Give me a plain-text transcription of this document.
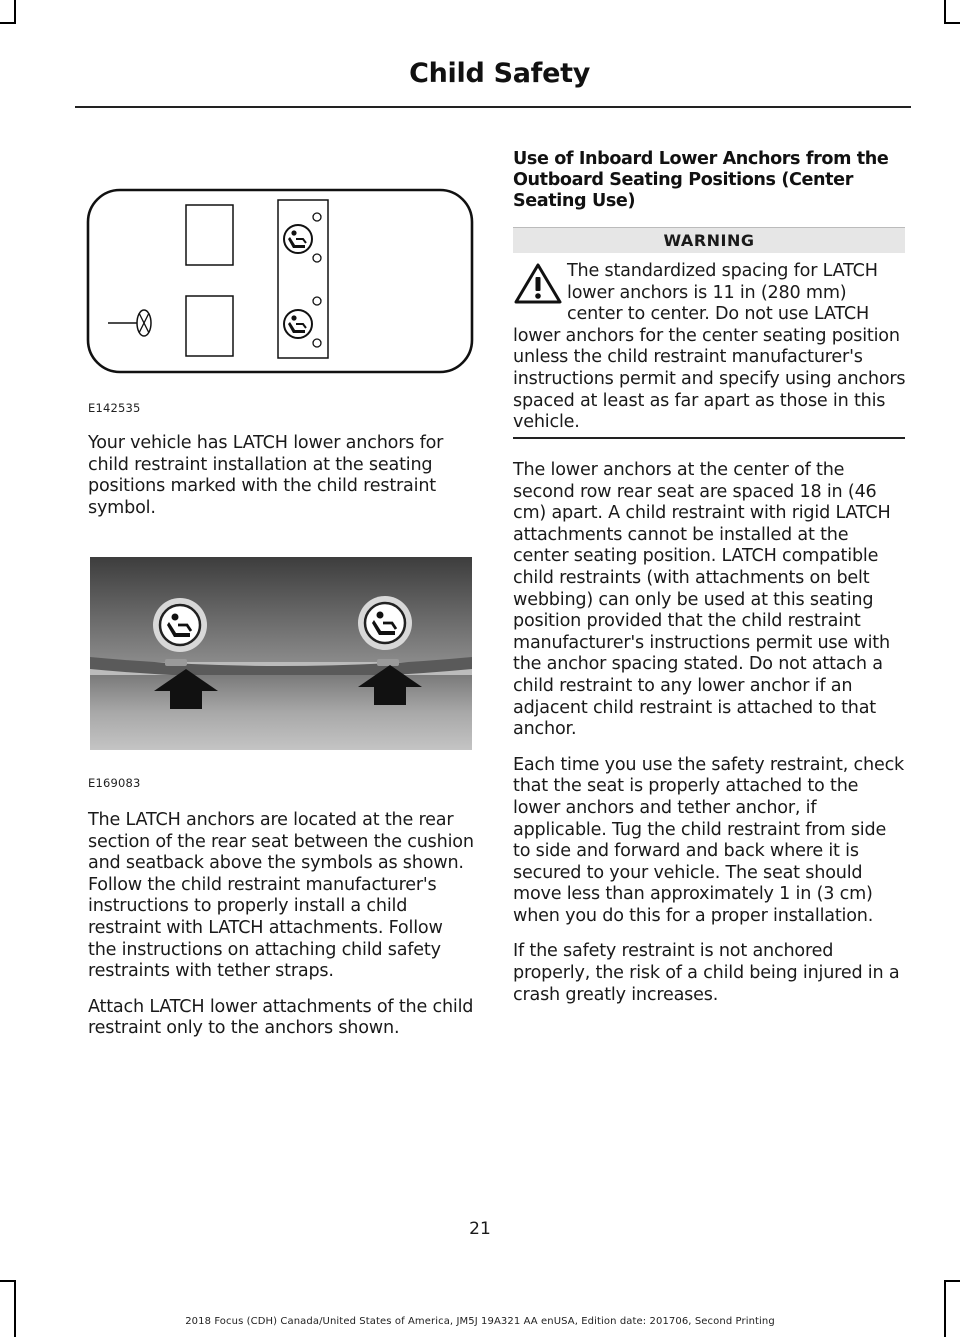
Child Safety
E142535

Your vehicle has LATCH lower anchors for child restraint installation at the seating positions marked with the child restraint symbol.

E169083

The LATCH anchors are located at the rear section of the rear seat between the cushion and seatback above the symbols as shown. Follow the child restraint manufacturer's instructions to properly install a child restraint with LATCH attachments. Follow the instructions on attaching child safety restraints with tether straps.

Attach LATCH lower attachments of the child restraint only to the anchors shown.

Use of Inboard Lower Anchors from the Outboard Seating Positions (Center Seating Use)
WARNING

The standardized spacing for LATCH lower anchors is 11 in (280 mm) center to center. Do not use LATCH lower anchors for the center seating position unless the child restraint manufacturer's instructions permit and specify using anchors spaced at least as far apart as those in this vehicle.

The lower anchors at the center of the second row rear seat are spaced 18 in (46 cm) apart. A child restraint with rigid LATCH attachments cannot be installed at the center seating position. LATCH compatible child restraints (with attachments on belt webbing) can only be used at this seating position provided that the child restraint manufacturer's instructions permit use with the anchor spacing stated. Do not attach a child restraint to any lower anchor if an adjacent child restraint is attached to that anchor.

Each time you use the safety restraint, check that the seat is properly attached to the lower anchors and tether anchor, if applicable. Tug the child restraint from side to side and forward and back where it is secured to your vehicle. The seat should move less than approximately 1 in (3 cm) when you do this for a proper installation.

If the safety restraint is not anchored properly, the risk of a child being injured in a crash greatly increases.

21
2018 Focus (CDH) Canada/United States of America, JM5J 19A321 AA enUSA, Edition date: 201706, Second Printing
